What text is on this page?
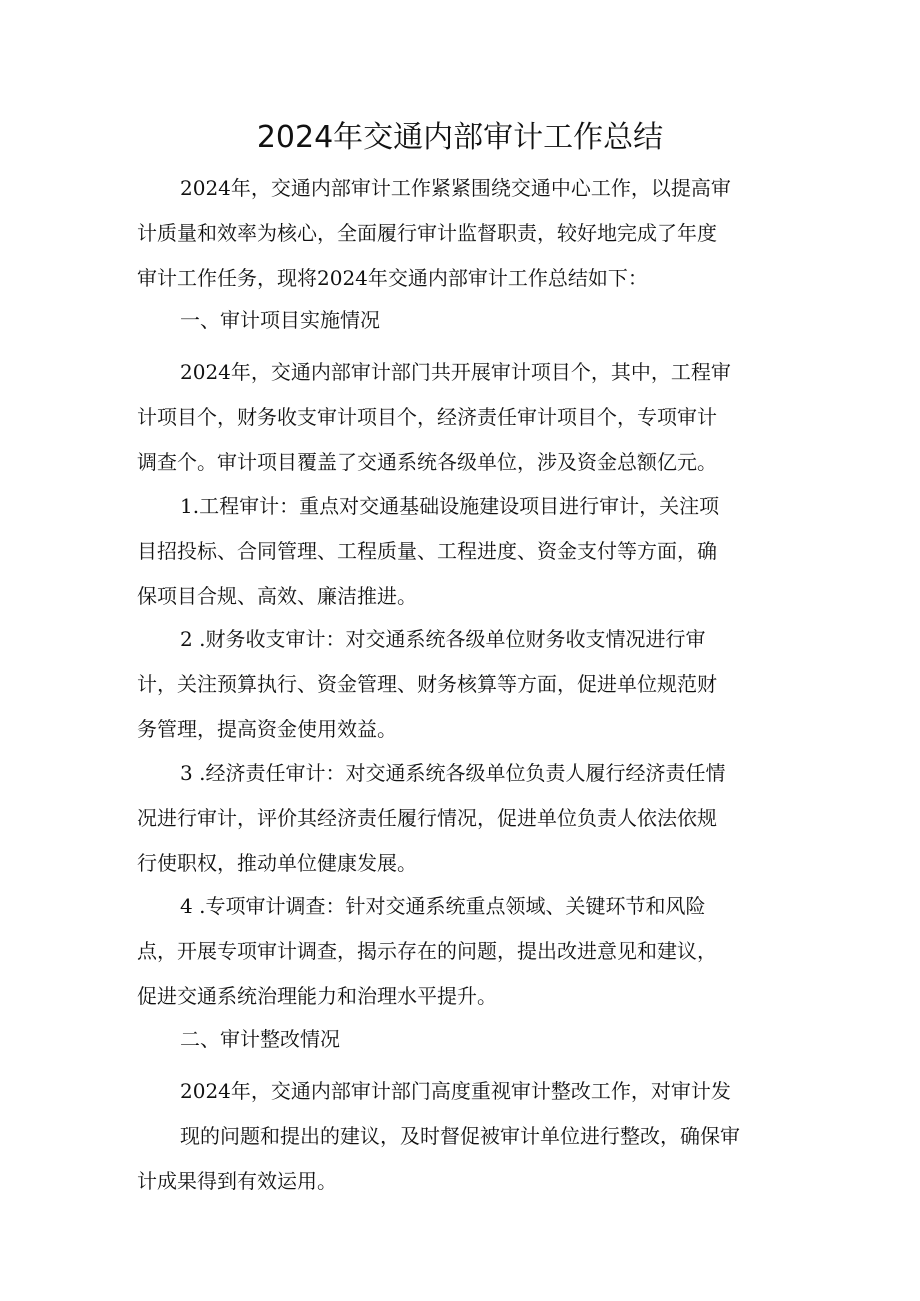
2024年交通内部审计工作总结
2024年，交通内部审计工作紧紧围绕交通中心工作，以提高审
计质量和效率为核心，全面履行审计监督职责，较好地完成了年度
审计工作任务，现将2024年交通内部审计工作总结如下：
一、审计项目实施情况
2024年，交通内部审计部门共开展审计项目个，其中，工程审
计项目个，财务收支审计项目个，经济责任审计项目个，专项审计
调查个。审计项目覆盖了交通系统各级单位，涉及资金总额亿元。
1.工程审计：重点对交通基础设施建设项目进行审计，关注项
目招投标、合同管理、工程质量、工程进度、资金支付等方面，确
保项目合规、高效、廉洁推进。
2 .财务收支审计：对交通系统各级单位财务收支情况进行审
计，关注预算执行、资金管理、财务核算等方面，促进单位规范财
务管理，提高资金使用效益。
3 .经济责任审计：对交通系统各级单位负责人履行经济责任情
况进行审计，评价其经济责任履行情况，促进单位负责人依法依规
行使职权，推动单位健康发展。
4 .专项审计调查：针对交通系统重点领域、关键环节和风险
点，开展专项审计调查，揭示存在的问题，提出改进意见和建议，
促进交通系统治理能力和治理水平提升。
二、审计整改情况
2024年，交通内部审计部门高度重视审计整改工作，对审计发
现的问题和提出的建议，及时督促被审计单位进行整改，确保审
计成果得到有效运用。
